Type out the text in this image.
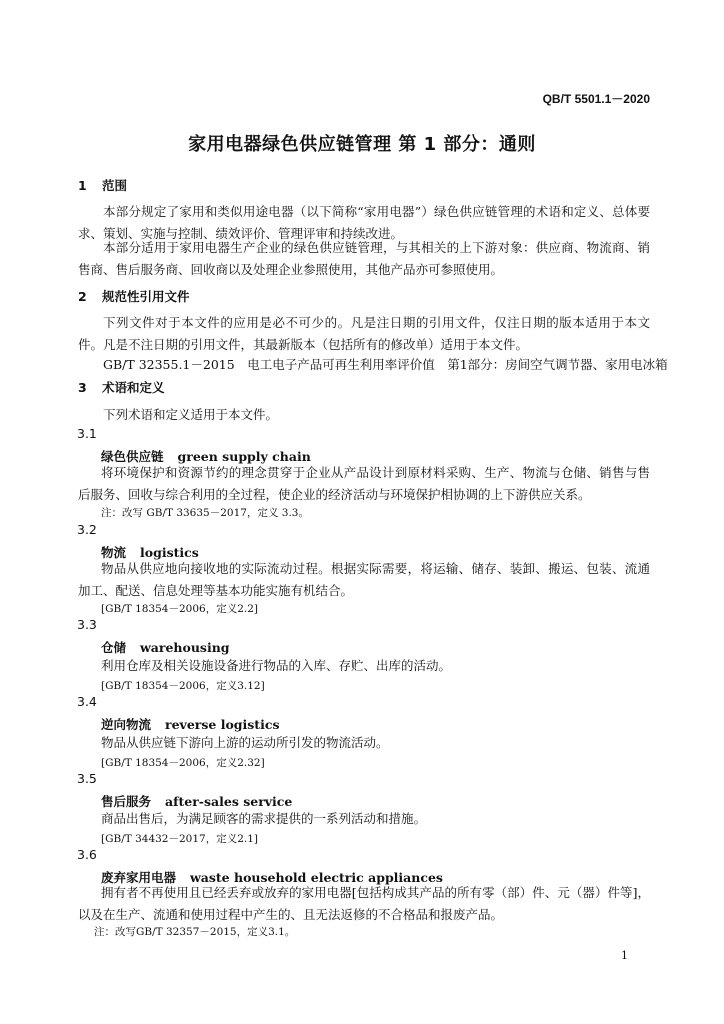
QB/T 5501.1－2020
家用电器绿色供应链管理 第 1 部分：通则
1 范围
本部分规定了家用和类似用途电器（以下简称“家用电器”）绿色供应链管理的术语和定义、总体要求、策划、实施与控制、绩效评价、管理评审和持续改进。
本部分适用于家用电器生产企业的绿色供应链管理，与其相关的上下游对象：供应商、物流商、销售商、售后服务商、回收商以及处理企业参照使用，其他产品亦可参照使用。
2 规范性引用文件
下列文件对于本文件的应用是必不可少的。凡是注日期的引用文件，仅注日期的版本适用于本文件。凡是不注日期的引用文件，其最新版本（包括所有的修改单）适用于本文件。
GB/T 32355.1－2015　电工电子产品可再生利用率评价值　第1部分：房间空气调节器、家用电冰箱
3 术语和定义
下列术语和定义适用于本文件。
3.1
绿色供应链 green supply chain
将环境保护和资源节约的理念贯穿于企业从产品设计到原材料采购、生产、物流与仓储、销售与售后服务、回收与综合利用的全过程，使企业的经济活动与环境保护相协调的上下游供应关系。
注：改写 GB/T 33635－2017，定义 3.3。
3.2
物流 logistics
物品从供应地向接收地的实际流动过程。根据实际需要，将运输、储存、装卸、搬运、包装、流通加工、配送、信息处理等基本功能实施有机结合。
[GB/T 18354－2006，定义2.2]
3.3
仓储 warehousing
利用仓库及相关设施设备进行物品的入库、存贮、出库的活动。
[GB/T 18354－2006，定义3.12]
3.4
逆向物流 reverse logistics
物品从供应链下游向上游的运动所引发的物流活动。
[GB/T 18354－2006，定义2.32]
3.5
售后服务 after-sales service
商品出售后，为满足顾客的需求提供的一系列活动和措施。
[GB/T 34432－2017，定义2.1]
3.6
废弃家用电器 waste household electric appliances
拥有者不再使用且已经丢弃或放弃的家用电器[包括构成其产品的所有零（部）件、元（器）件等]，以及在生产、流通和使用过程中产生的、且无法返修的不合格品和报废产品。
注：改写GB/T 32357－2015，定义3.1。
1
